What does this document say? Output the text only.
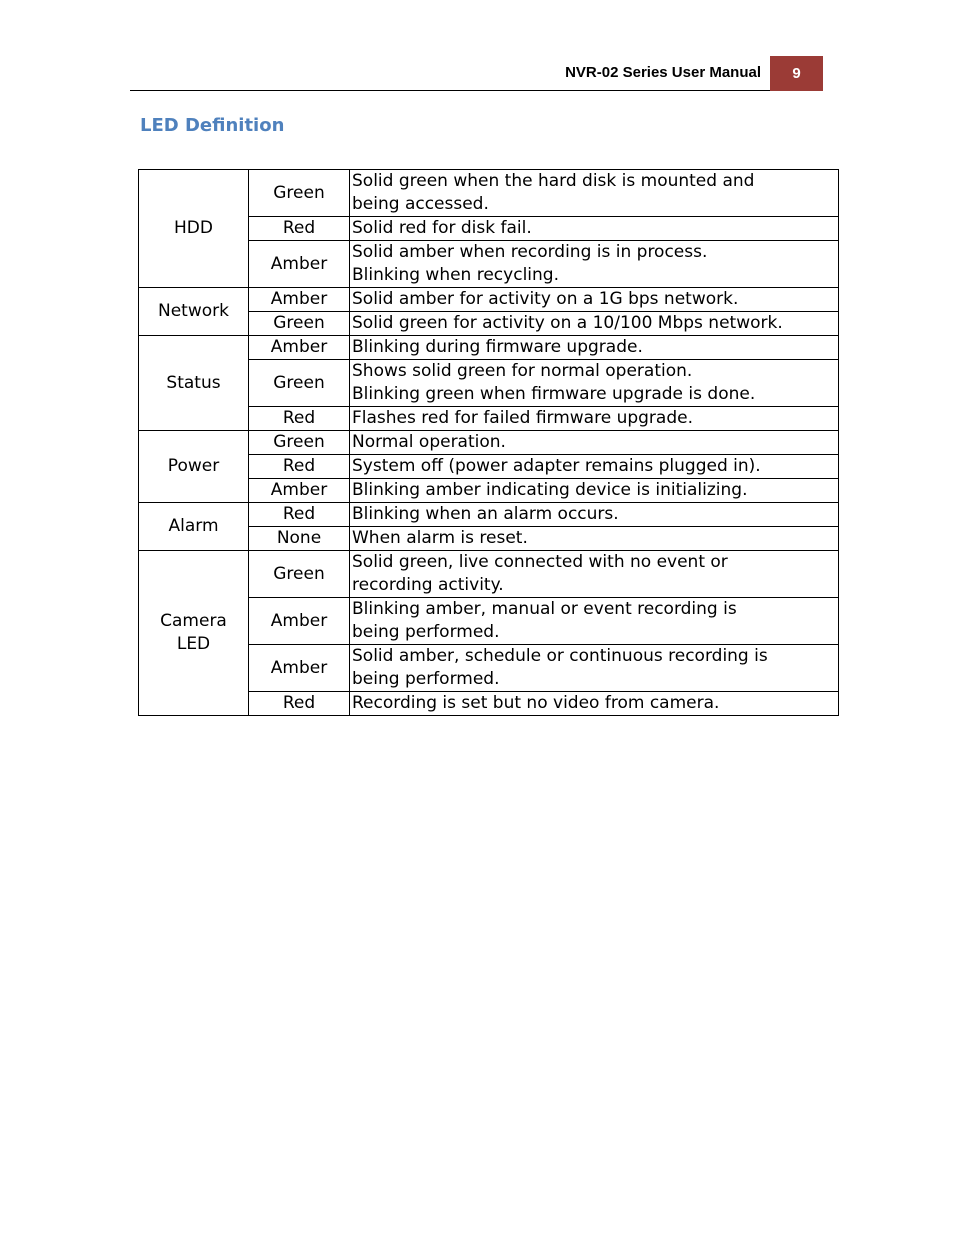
NVR-02 Series User Manual	9
LED Definition
HDD	Green	Solid green when the hard disk is mounted and
being accessed.
	Red	Solid red for disk fail.
	Amber	Solid amber when recording is in process.
Blinking when recycling.
Network	Amber	Solid amber for activity on a 1G bps network.
	Green	Solid green for activity on a 10/100 Mbps network.
Status	Amber	Blinking during firmware upgrade.
	Green	Shows solid green for normal operation.
Blinking green when firmware upgrade is done.
	Red	Flashes red for failed firmware upgrade.
Power	Green	Normal operation.
	Red	System off (power adapter remains plugged in).
	Amber	Blinking amber indicating device is initializing.
Alarm	Red	Blinking when an alarm occurs.
	None	When alarm is reset.
Camera
LED	Green	Solid green, live connected with no event or
recording activity.
	Amber	Blinking amber, manual or event recording is
being performed.
	Amber	Solid amber, schedule or continuous recording is
being performed.
	Red	Recording is set but no video from camera.
